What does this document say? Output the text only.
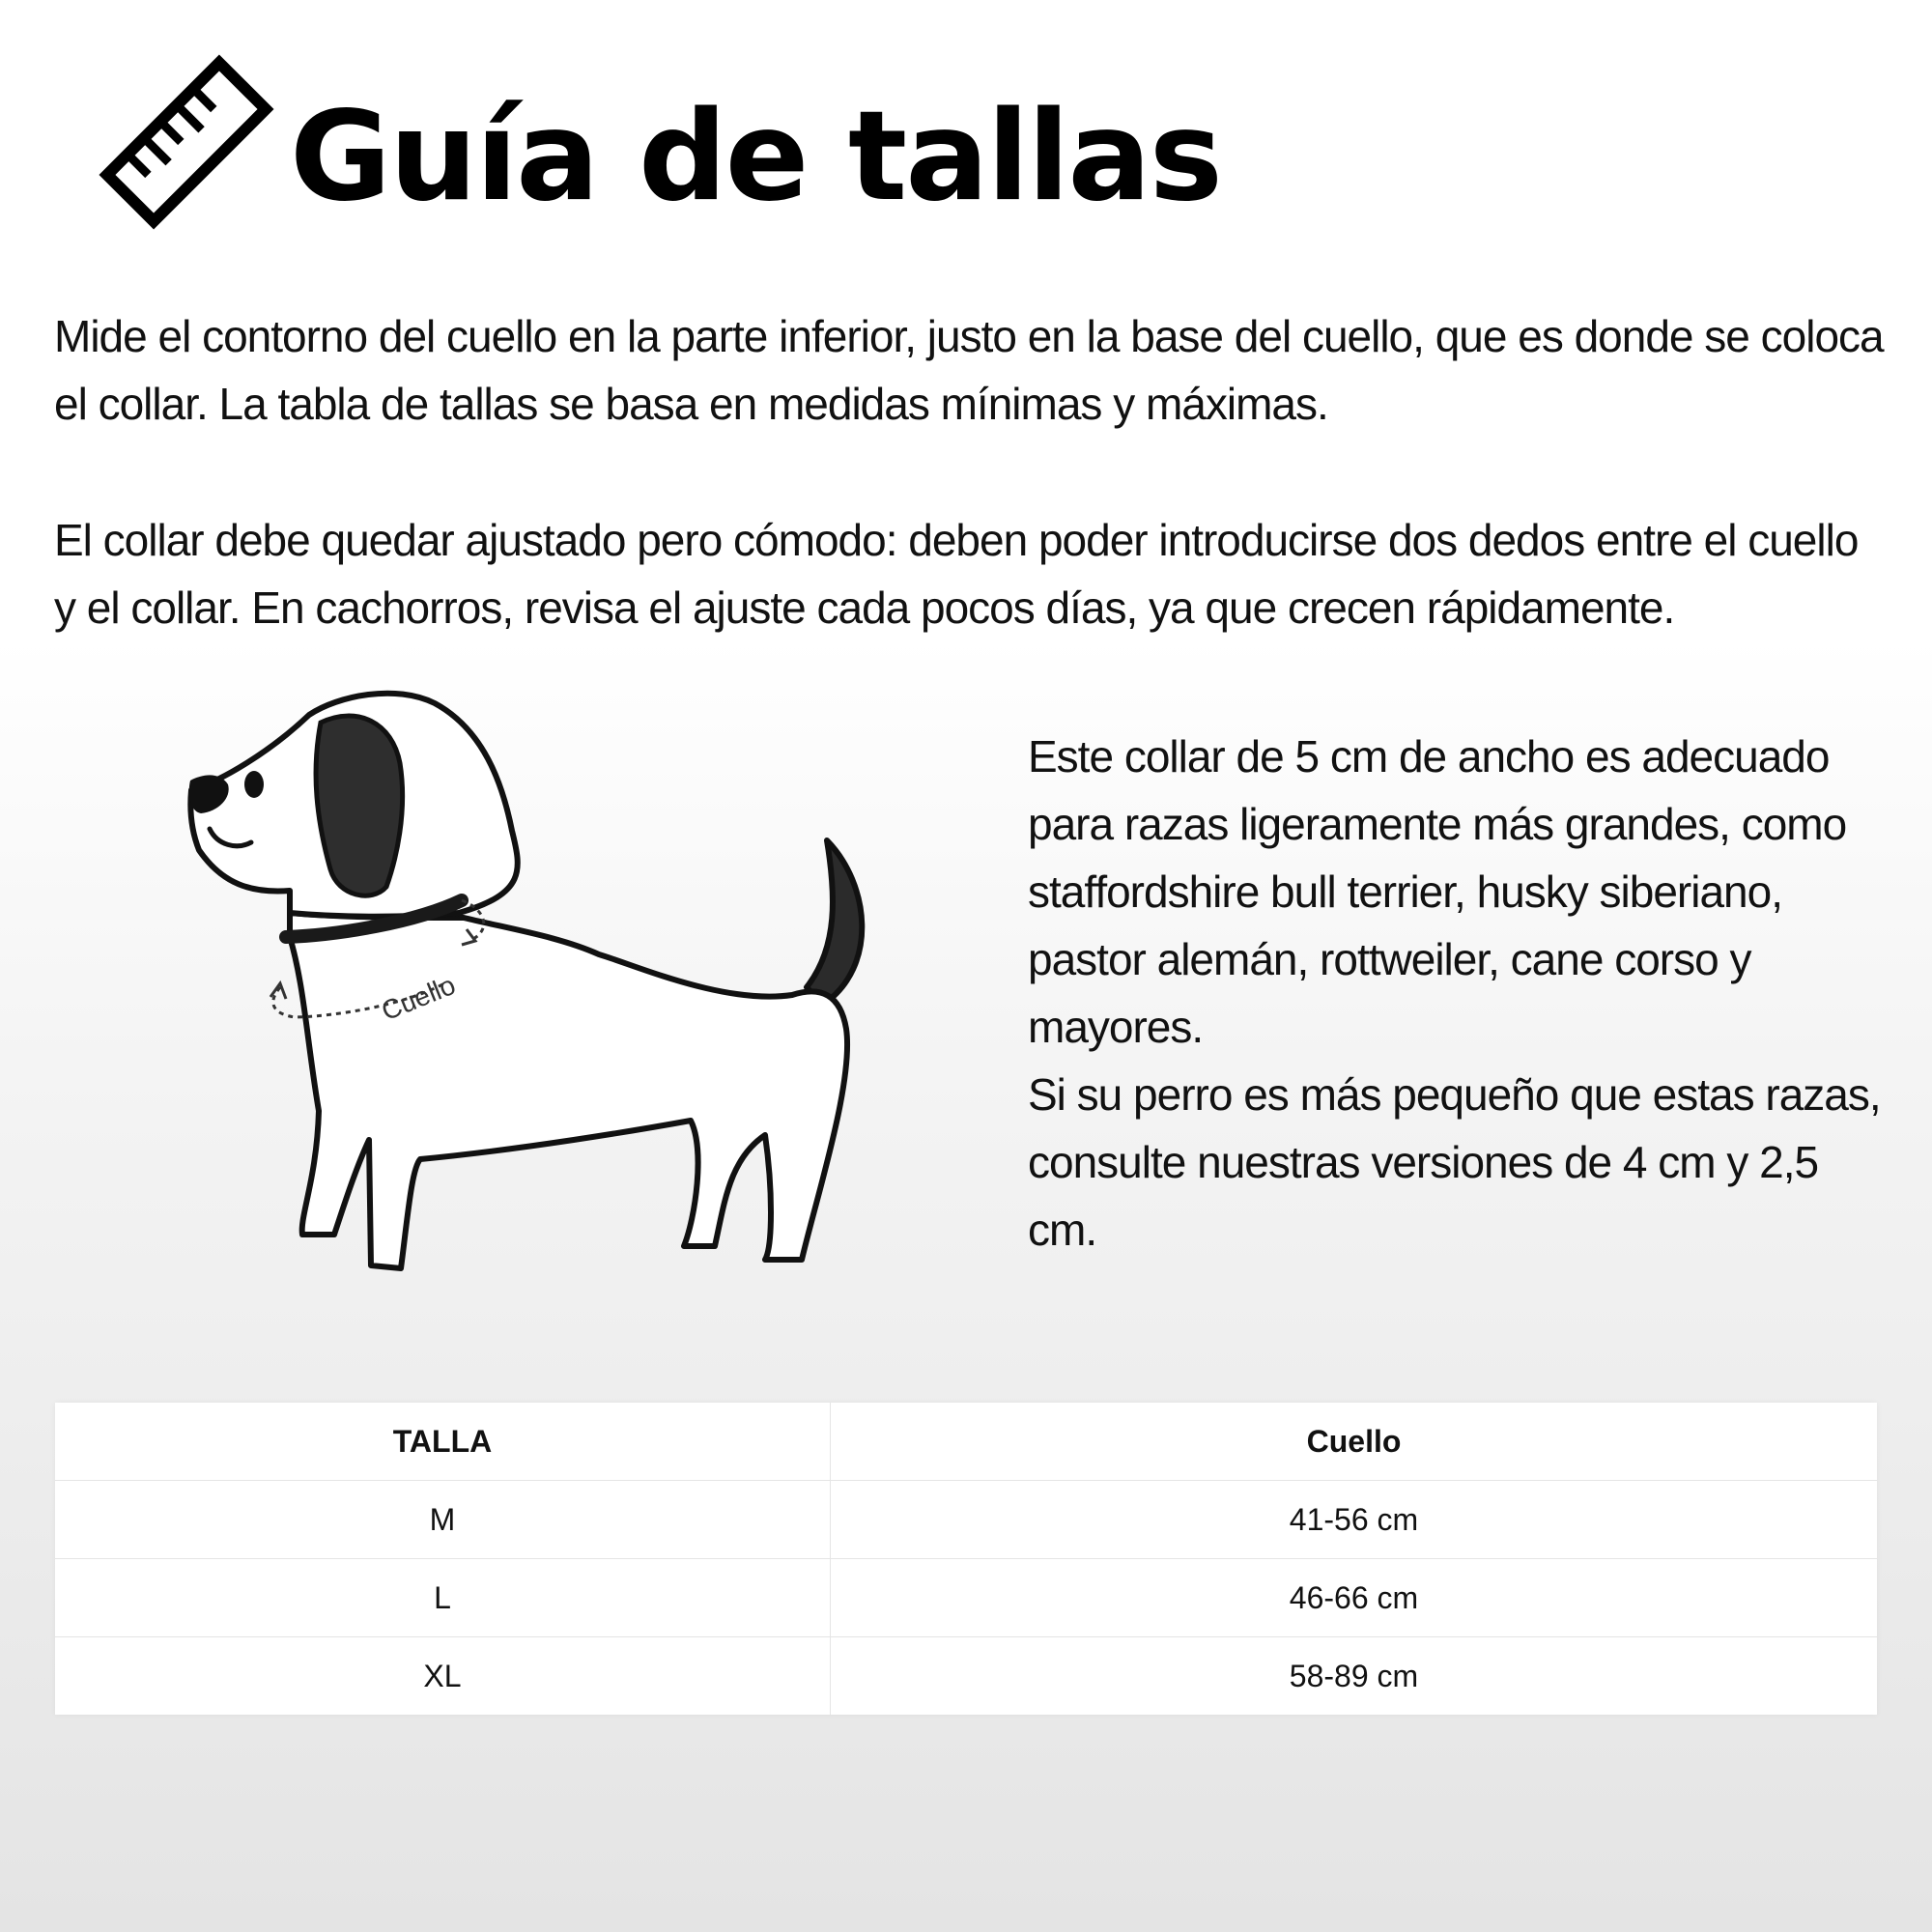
Guía de tallas

Mide el contorno del cuello en la parte inferior, justo en la base del cuello, que es donde se coloca el collar. La tabla de tallas se basa en medidas mínimas y máximas.

El collar debe quedar ajustado pero cómodo: deben poder introducirse dos dedos entre el cuello y el collar. En cachorros, revisa el ajuste cada pocos días, ya que crecen rápidamente.

Cuello

Este collar de 5 cm de ancho es adecuado para razas ligeramente más grandes, como staffordshire bull terrier, husky siberiano, pastor alemán, rottweiler, cane corso y mayores.

Si su perro es más pequeño que estas razas, consulte nuestras versiones de 4 cm y 2,5 cm.

TALLA	Cuello
M	41-56 cm
L	46-66 cm
XL	58-89 cm
